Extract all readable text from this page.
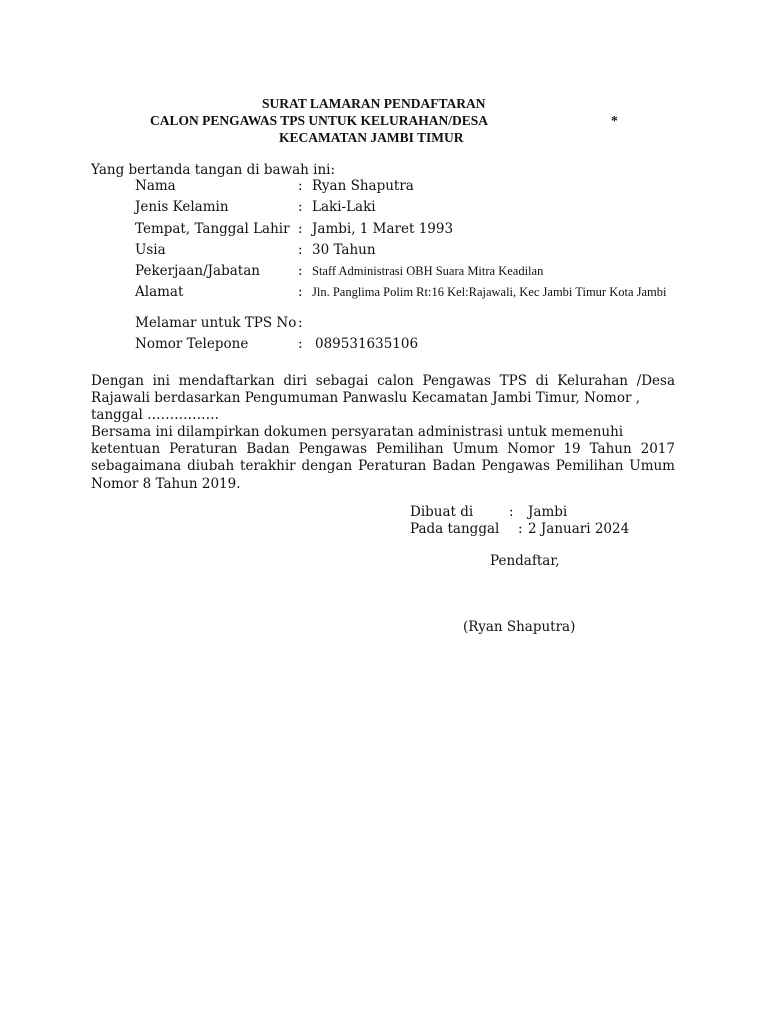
SURAT LAMARAN PENDAFTARAN
CALON PENGAWAS TPS UNTUK KELURAHAN/DESA	*
KECAMATAN JAMBI TIMUR
Yang bertanda tangan di bawah ini:
Nama	: Ryan Shaputra
Jenis Kelamin	: Laki-Laki
Tempat, Tanggal Lahir : Jambi, 1 Maret 1993
Usia	: 30 Tahun
Pekerjaan/Jabatan	: Staff Administrasi OBH Suara Mitra Keadilan
Alamat	: Jln. Panglima Polim Rt:16 Kel:Rajawali, Kec Jambi Timur Kota Jambi
Melamar untuk TPS No :
Nomor Telepone	: 089531635106
Dengan ini mendaftarkan diri sebagai calon Pengawas TPS di Kelurahan /Desa Rajawali berdasarkan Pengumuman Panwaslu Kecamatan Jambi Timur, Nomor ,
tanggal …………….
Bersama ini dilampirkan dokumen persyaratan administrasi untuk memenuhi
ketentuan Peraturan Badan Pengawas Pemilihan Umum Nomor 19 Tahun 2017 sebagaimana diubah terakhir dengan Peraturan Badan Pengawas Pemilihan Umum Nomor 8 Tahun 2019.
Dibuat di	: Jambi
Pada tanggal : 2 Januari 2024
Pendaftar,
(Ryan Shaputra)
